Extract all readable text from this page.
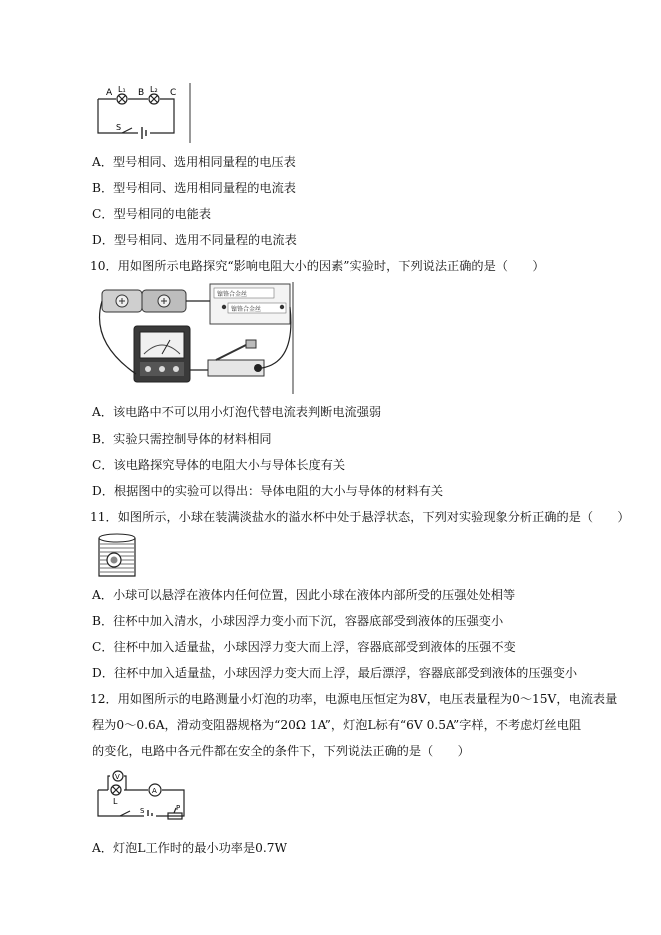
A L₁ B L₂ C
S
A．型号相同、选用相同量程的电压表
B．型号相同、选用相同量程的电流表
C．型号相同的电能表
D．型号相同、选用不同量程的电流表
10．用如图所示电路探究“影响电阻大小的因素”实验时，下列说法正确的是（　　）
镍铬合金丝
镍铬合金丝
A．该电路中不可以用小灯泡代替电流表判断电流强弱
B．实验只需控制导体的材料相同
C．该电路探究导体的电阻大小与导体长度有关
D．根据图中的实验可以得出：导体电阻的大小与导体的材料有关
11．如图所示，小球在装满淡盐水的溢水杯中处于悬浮状态，下列对实验现象分析正确的是（　　）
A．小球可以悬浮在液体内任何位置，因此小球在液体内部所受的压强处处相等
B．往杯中加入清水，小球因浮力变小而下沉，容器底部受到液体的压强变小
C．往杯中加入适量盐，小球因浮力变大而上浮，容器底部受到液体的压强不变
D．往杯中加入适量盐，小球因浮力变大而上浮，最后漂浮，容器底部受到液体的压强变小
12．用如图所示的电路测量小灯泡的功率，电源电压恒定为8V，电压表量程为0～15V，电流表量
程为0～0.6A，滑动变阻器规格为“20Ω 1A”，灯泡L标有“6V 0.5A”字样，不考虑灯丝电阻
的变化，电路中各元件都在安全的条件下，下列说法正确的是（　　）
V
A
L
S	P
A．灯泡L工作时的最小功率是0.7W
